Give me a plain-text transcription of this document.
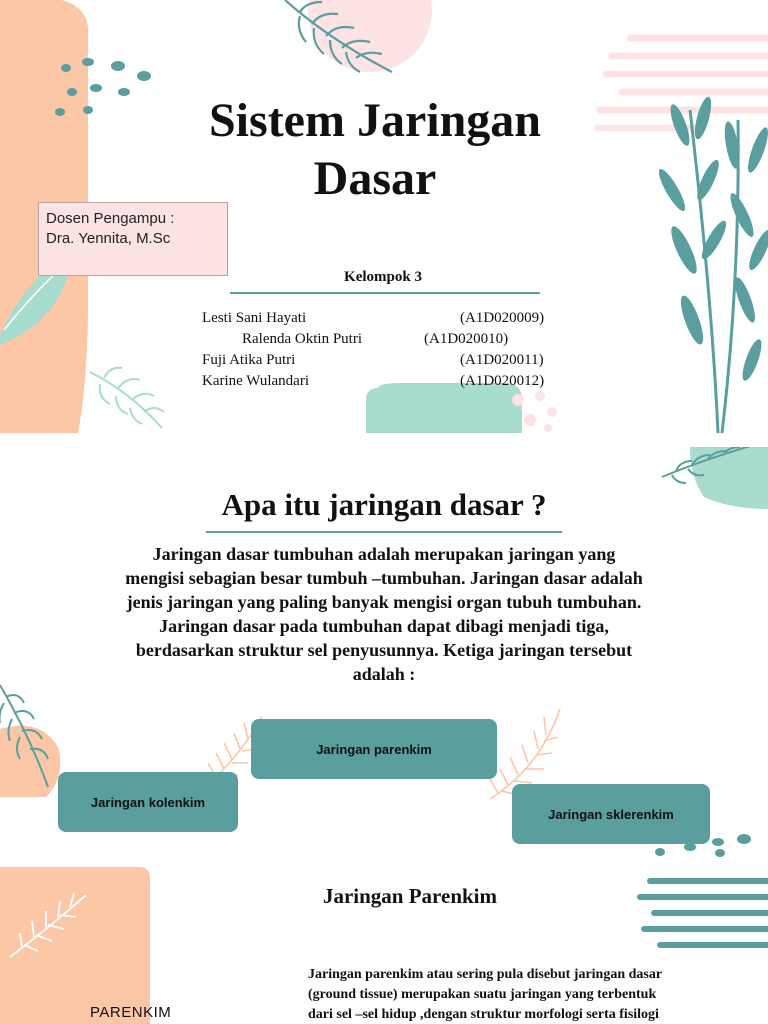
Sistem Jaringan
Dasar
Dosen Pengampu :
Dra. Yennita, M.Sc
Kelompok 3
Lesti Sani Hayati	(A1D020009)
Ralenda Oktin Putri	(A1D020010)
Fuji Atika Putri	(A1D020011)
Karine Wulandari	(A1D020012)
Apa itu jaringan dasar ?
Jaringan dasar tumbuhan adalah merupakan jaringan yang
mengisi sebagian besar tumbuh –tumbuhan. Jaringan dasar adalah
jenis jaringan yang paling banyak mengisi organ tubuh tumbuhan.
Jaringan dasar pada tumbuhan dapat dibagi menjadi tiga,
berdasarkan struktur sel penyusunnya. Ketiga jaringan tersebut
adalah :
Jaringan parenkim
Jaringan kolenkim
Jaringan sklerenkim
Jaringan Parenkim
Jaringan parenkim atau sering pula disebut jaringan dasar
(ground tissue) merupakan suatu jaringan yang terbentuk
dari sel –sel hidup ,dengan struktur morfologi serta fisilogi
PARENKIM
